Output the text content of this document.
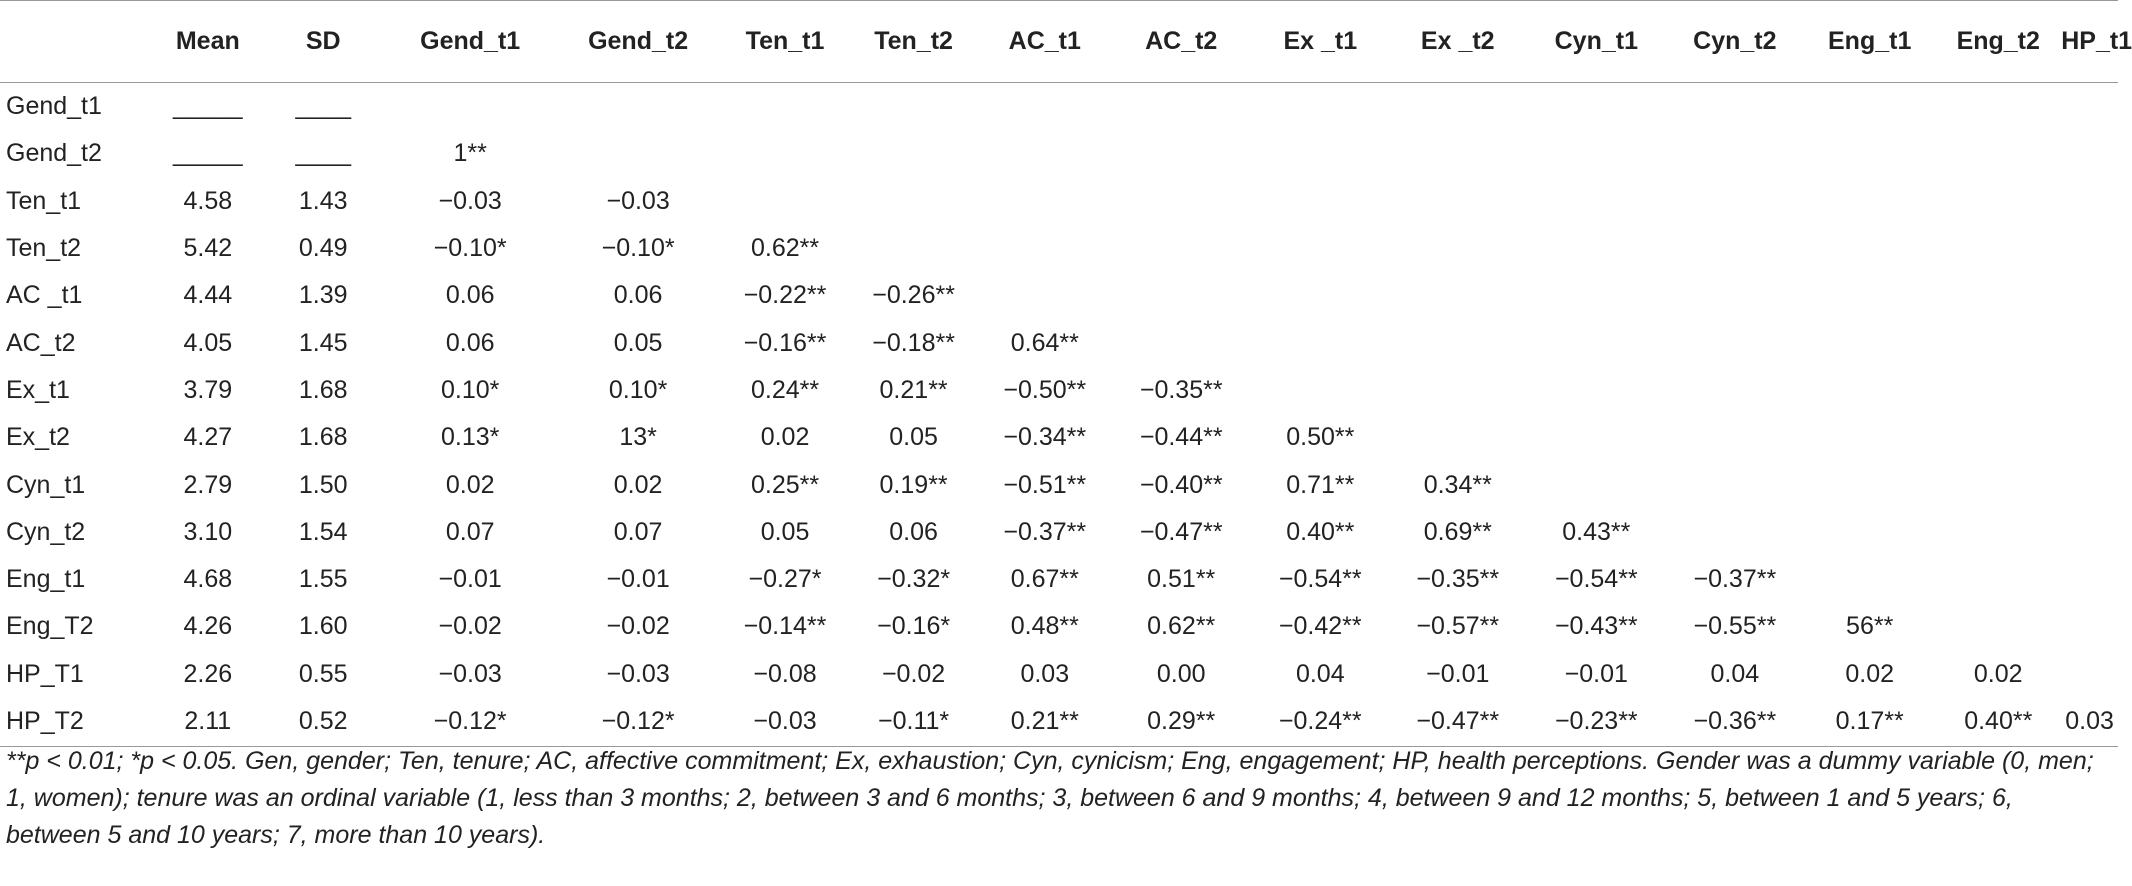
	Mean	SD	Gend_t1	Gend_t2	Ten_t1	Ten_t2	AC_t1	AC_t2	Ex _t1	Ex _t2	Cyn_t1	Cyn_t2	Eng_t1	Eng_t2	HP_t1
Gend_t1	_____	____													
Gend_t2	_____	____	1**												
Ten_t1	4.58	1.43	−0.03	−0.03											
Ten_t2	5.42	0.49	−0.10*	−0.10*	0.62**										
AC _t1	4.44	1.39	0.06	0.06	−0.22**	−0.26**									
AC_t2	4.05	1.45	0.06	0.05	−0.16**	−0.18**	0.64**								
Ex_t1	3.79	1.68	0.10*	0.10*	0.24**	0.21**	−0.50**	−0.35**							
Ex_t2	4.27	1.68	0.13*	13*	0.02	0.05	−0.34**	−0.44**	0.50**						
Cyn_t1	2.79	1.50	0.02	0.02	0.25**	0.19**	−0.51**	−0.40**	0.71**	0.34**					
Cyn_t2	3.10	1.54	0.07	0.07	0.05	0.06	−0.37**	−0.47**	0.40**	0.69**	0.43**				
Eng_t1	4.68	1.55	−0.01	−0.01	−0.27*	−0.32*	0.67**	0.51**	−0.54**	−0.35**	−0.54**	−0.37**			
Eng_T2	4.26	1.60	−0.02	−0.02	−0.14**	−0.16*	0.48**	0.62**	−0.42**	−0.57**	−0.43**	−0.55**	56**		
HP_T1	2.26	0.55	−0.03	−0.03	−0.08	−0.02	0.03	0.00	0.04	−0.01	−0.01	0.04	0.02	0.02	
HP_T2	2.11	0.52	−0.12*	−0.12*	−0.03	−0.11*	0.21**	0.29**	−0.24**	−0.47**	−0.23**	−0.36**	0.17**	0.40**	0.03
**p < 0.01; *p < 0.05. Gen, gender; Ten, tenure; AC, affective commitment; Ex, exhaustion; Cyn, cynicism; Eng, engagement; HP, health perceptions. Gender was a dummy variable (0, men; 1, women); tenure was an ordinal variable (1, less than 3 months; 2, between 3 and 6 months; 3, between 6 and 9 months; 4, between 9 and 12 months; 5, between 1 and 5 years; 6, between 5 and 10 years; 7, more than 10 years).
